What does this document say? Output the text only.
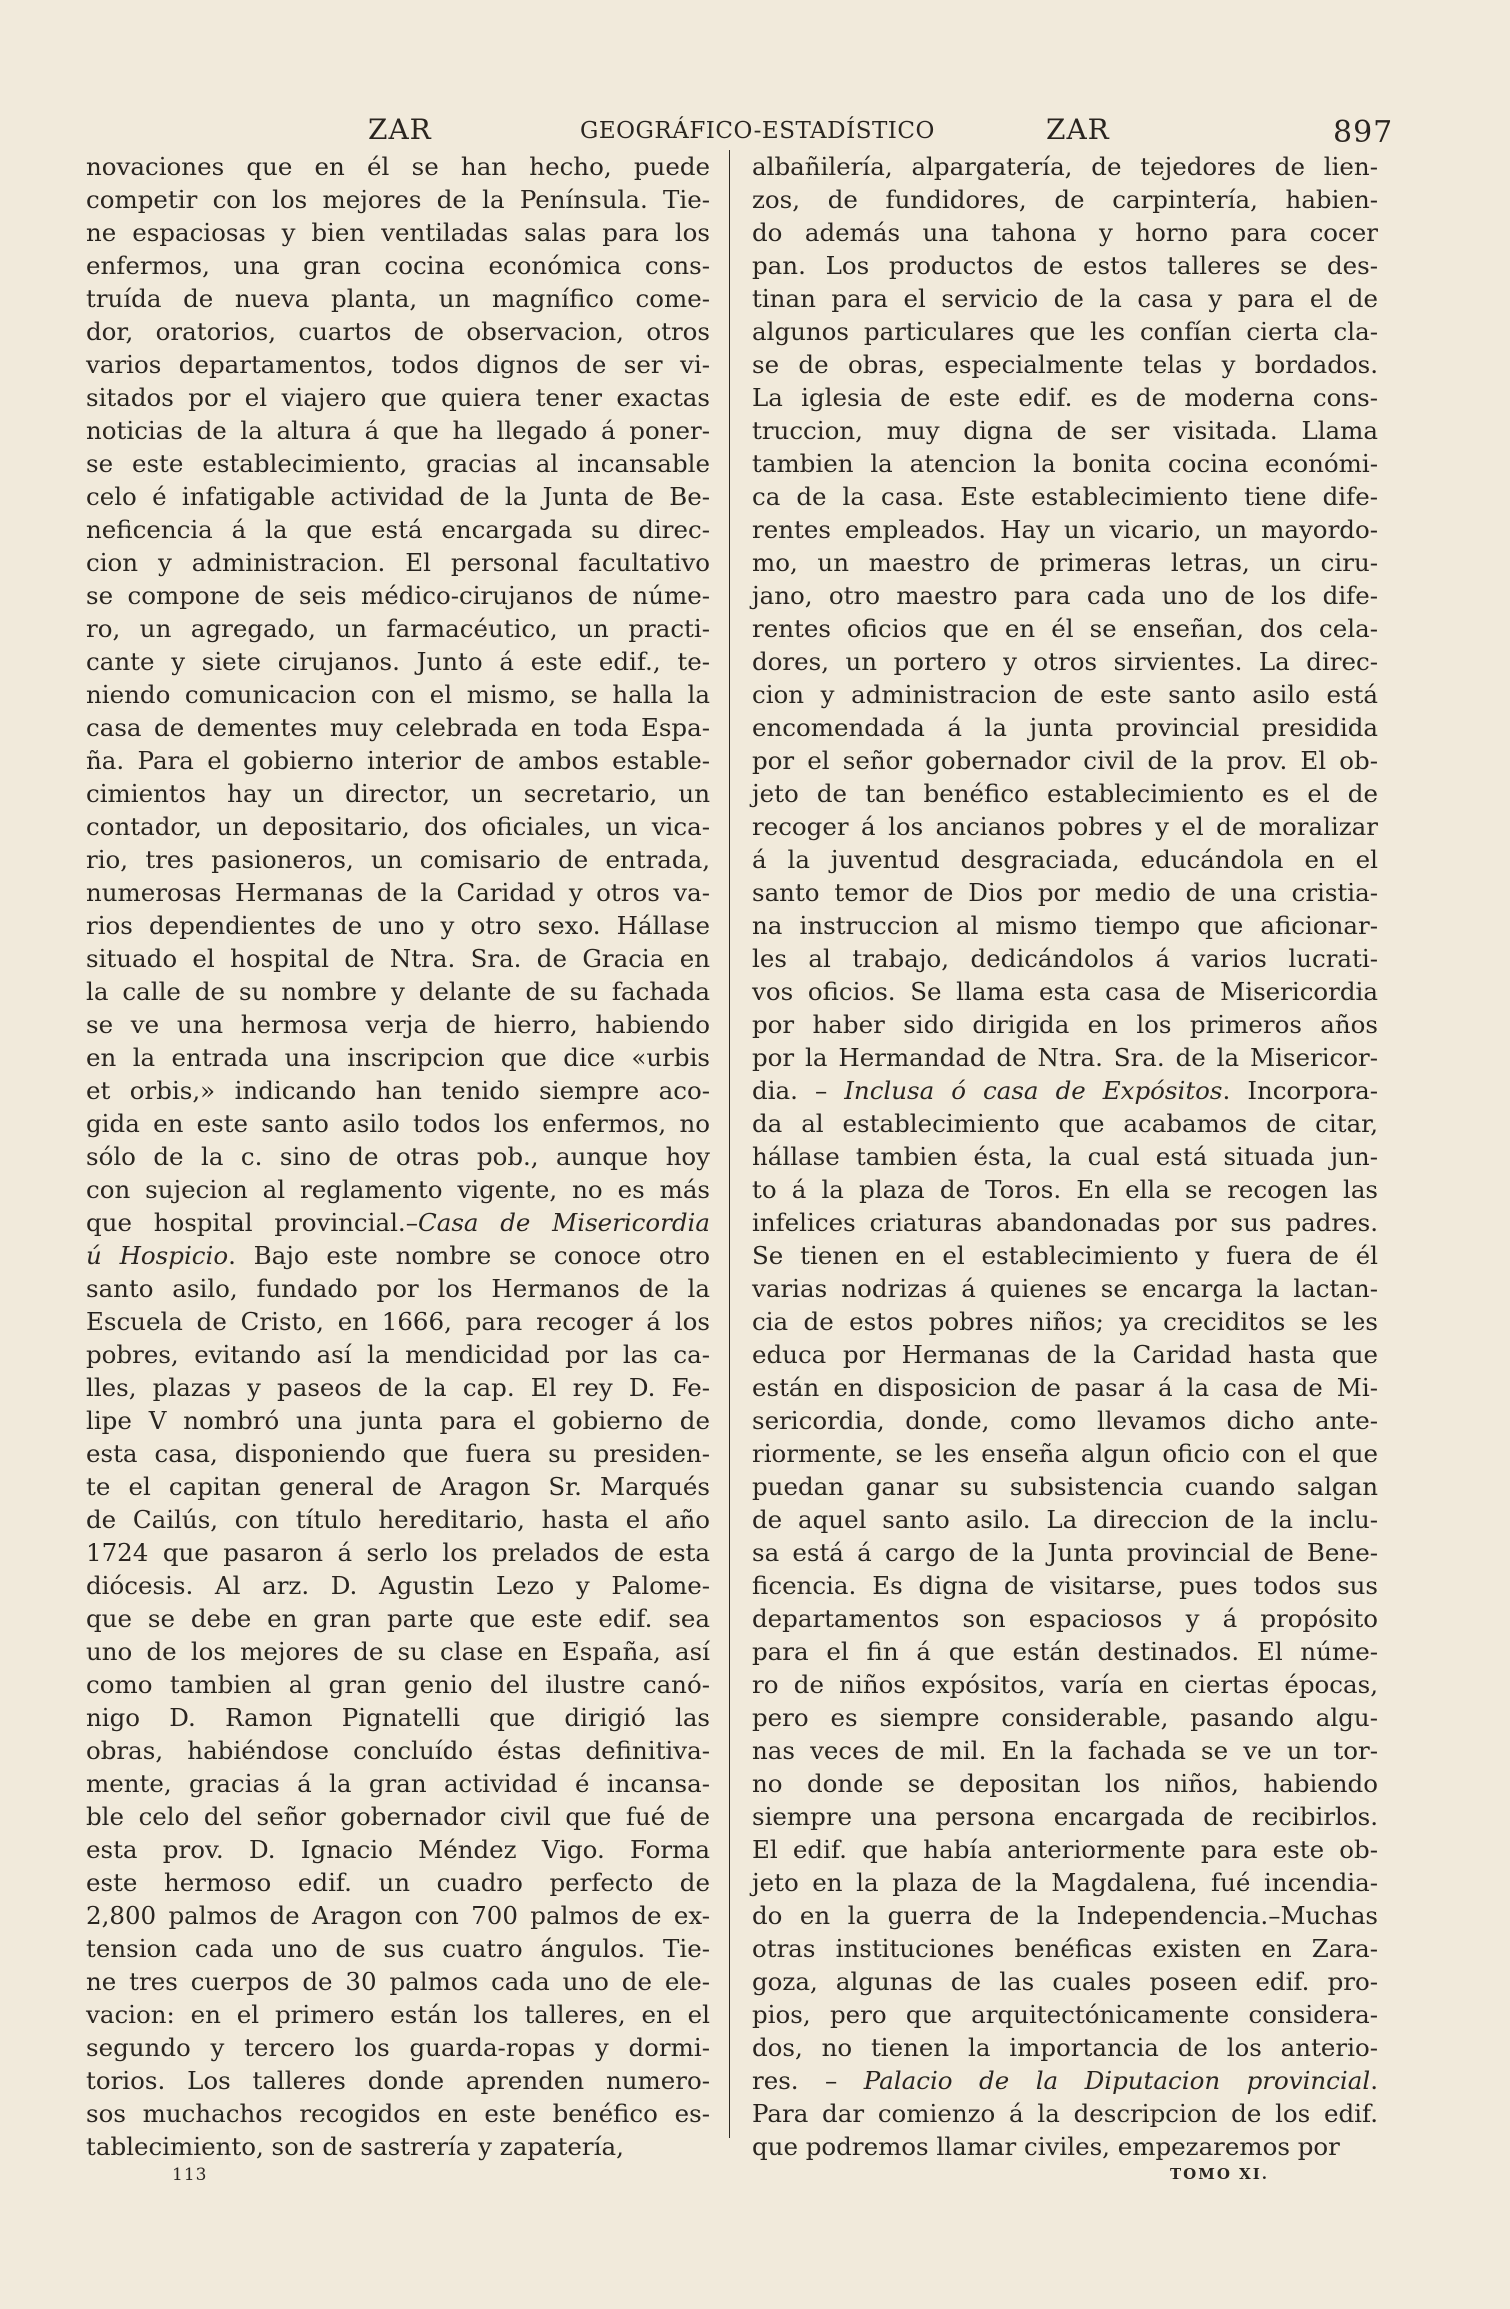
ZAR	GEOGRÁFICO-ESTADÍSTICO	ZAR	897

novaciones que en él se han hecho, puede

competir con los mejores de la Península. Tie-

ne espaciosas y bien ventiladas salas para los

enfermos, una gran cocina económica cons-

truída de nueva planta, un magnífico come-

dor, oratorios, cuartos de observacion, otros

varios departamentos, todos dignos de ser vi-

sitados por el viajero que quiera tener exactas

noticias de la altura á que ha llegado á poner-

se este establecimiento, gracias al incansable

celo é infatigable actividad de la Junta de Be-

neficencia á la que está encargada su direc-

cion y administracion. El personal facultativo

se compone de seis médico-cirujanos de núme-

ro, un agregado, un farmacéutico, un practi-

cante y siete cirujanos. Junto á este edif., te-

niendo comunicacion con el mismo, se halla la

casa de dementes muy celebrada en toda Espa-

ña. Para el gobierno interior de ambos estable-

cimientos hay un director, un secretario, un

contador, un depositario, dos oficiales, un vica-

rio, tres pasioneros, un comisario de entrada,

numerosas Hermanas de la Caridad y otros va-

rios dependientes de uno y otro sexo. Hállase

situado el hospital de Ntra. Sra. de Gracia en

la calle de su nombre y delante de su fachada

se ve una hermosa verja de hierro, habiendo

en la entrada una inscripcion que dice «urbis

et orbis,» indicando han tenido siempre aco-

gida en este santo asilo todos los enfermos, no

sólo de la c. sino de otras pob., aunque hoy

con sujecion al reglamento vigente, no es más

que hospital provincial.–Casa de Misericordia

ú Hospicio. Bajo este nombre se conoce otro

santo asilo, fundado por los Hermanos de la

Escuela de Cristo, en 1666, para recoger á los

pobres, evitando así la mendicidad por las ca-

lles, plazas y paseos de la cap. El rey D. Fe-

lipe V nombró una junta para el gobierno de

esta casa, disponiendo que fuera su presiden-

te el capitan general de Aragon Sr. Marqués

de Cailús, con título hereditario, hasta el año

1724 que pasaron á serlo los prelados de esta

diócesis. Al arz. D. Agustin Lezo y Palome-

que se debe en gran parte que este edif. sea

uno de los mejores de su clase en España, así

como tambien al gran genio del ilustre canó-

nigo D. Ramon Pignatelli que dirigió las

obras, habiéndose concluído éstas definitiva-

mente, gracias á la gran actividad é incansa-

ble celo del señor gobernador civil que fué de

esta prov. D. Ignacio Méndez Vigo. Forma

este hermoso edif. un cuadro perfecto de

2,800 palmos de Aragon con 700 palmos de ex-

tension cada uno de sus cuatro ángulos. Tie-

ne tres cuerpos de 30 palmos cada uno de ele-

vacion: en el primero están los talleres, en el

segundo y tercero los guarda-ropas y dormi-

torios. Los talleres donde aprenden numero-

sos muchachos recogidos en este benéfico es-

tablecimiento, son de sastrería y zapatería,

albañilería, alpargatería, de tejedores de lien-

zos, de fundidores, de carpintería, habien-

do además una tahona y horno para cocer

pan. Los productos de estos talleres se des-

tinan para el servicio de la casa y para el de

algunos particulares que les confían cierta cla-

se de obras, especialmente telas y bordados.

La iglesia de este edif. es de moderna cons-

truccion, muy digna de ser visitada. Llama

tambien la atencion la bonita cocina económi-

ca de la casa. Este establecimiento tiene dife-

rentes empleados. Hay un vicario, un mayordo-

mo, un maestro de primeras letras, un ciru-

jano, otro maestro para cada uno de los dife-

rentes oficios que en él se enseñan, dos cela-

dores, un portero y otros sirvientes. La direc-

cion y administracion de este santo asilo está

encomendada á la junta provincial presidida

por el señor gobernador civil de la prov. El ob-

jeto de tan benéfico establecimiento es el de

recoger á los ancianos pobres y el de moralizar

á la juventud desgraciada, educándola en el

santo temor de Dios por medio de una cristia-

na instruccion al mismo tiempo que aficionar-

les al trabajo, dedicándolos á varios lucrati-

vos oficios. Se llama esta casa de Misericordia

por haber sido dirigida en los primeros años

por la Hermandad de Ntra. Sra. de la Misericor-

dia. – Inclusa ó casa de Expósitos. Incorpora-

da al establecimiento que acabamos de citar,

hállase tambien ésta, la cual está situada jun-

to á la plaza de Toros. En ella se recogen las

infelices criaturas abandonadas por sus padres.

Se tienen en el establecimiento y fuera de él

varias nodrizas á quienes se encarga la lactan-

cia de estos pobres niños; ya creciditos se les

educa por Hermanas de la Caridad hasta que

están en disposicion de pasar á la casa de Mi-

sericordia, donde, como llevamos dicho ante-

riormente, se les enseña algun oficio con el que

puedan ganar su subsistencia cuando salgan

de aquel santo asilo. La direccion de la inclu-

sa está á cargo de la Junta provincial de Bene-

ficencia. Es digna de visitarse, pues todos sus

departamentos son espaciosos y á propósito

para el fin á que están destinados. El núme-

ro de niños expósitos, varía en ciertas épocas,

pero es siempre considerable, pasando algu-

nas veces de mil. En la fachada se ve un tor-

no donde se depositan los niños, habiendo

siempre una persona encargada de recibirlos.

El edif. que había anteriormente para este ob-

jeto en la plaza de la Magdalena, fué incendia-

do en la guerra de la Independencia.–Muchas

otras instituciones benéficas existen en Zara-

goza, algunas de las cuales poseen edif. pro-

pios, pero que arquitectónicamente considera-

dos, no tienen la importancia de los anterio-

res. – Palacio de la Diputacion provincial.

Para dar comienzo á la descripcion de los edif.

que podremos llamar civiles, empezaremos por

113	TOMO XI.
